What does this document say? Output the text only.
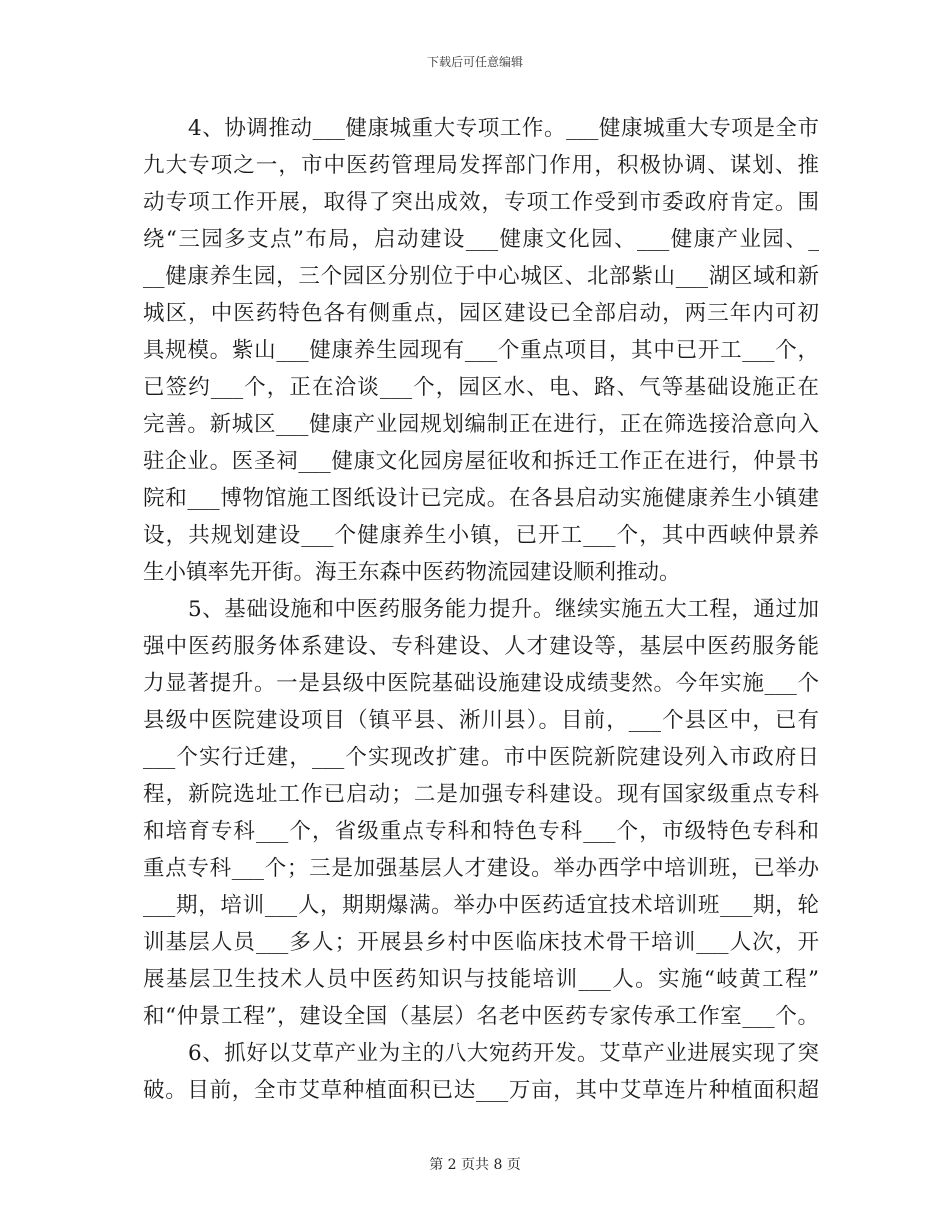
下载后可任意编辑
4、协调推动___健康城重大专项工作。___健康城重大专项是全市
九大专项之一，市中医药管理局发挥部门作用，积极协调、谋划、推
动专项工作开展，取得了突出成效，专项工作受到市委政府肯定。围
绕“三园多支点”布局，启动建设___健康文化园、___健康产业园、_
__健康养生园，三个园区分别位于中心城区、北部紫山___湖区域和新
城区，中医药特色各有侧重点，园区建设已全部启动，两三年内可初
具规模。紫山___健康养生园现有___个重点项目，其中已开工___个，
已签约___个，正在洽谈___个，园区水、电、路、气等基础设施正在
完善。新城区___健康产业园规划编制正在进行，正在筛选接洽意向入
驻企业。医圣祠___健康文化园房屋征收和拆迁工作正在进行，仲景书
院和___博物馆施工图纸设计已完成。在各县启动实施健康养生小镇建
设，共规划建设___个健康养生小镇，已开工___个，其中西峡仲景养
生小镇率先开街。海王东森中医药物流园建设顺利推动。
5、基础设施和中医药服务能力提升。继续实施五大工程，通过加
强中医药服务体系建设、专科建设、人才建设等，基层中医药服务能
力显著提升。一是县级中医院基础设施建设成绩斐然。今年实施___个
县级中医院建设项目（镇平县、淅川县）。目前，___个县区中，已有
___个实行迁建，___个实现改扩建。市中医院新院建设列入市政府日
程，新院选址工作已启动；二是加强专科建设。现有国家级重点专科
和培育专科___个，省级重点专科和特色专科___个，市级特色专科和
重点专科___个；三是加强基层人才建设。举办西学中培训班，已举办
___期，培训___人，期期爆满。举办中医药适宜技术培训班___期，轮
训基层人员___多人；开展县乡村中医临床技术骨干培训___人次，开
展基层卫生技术人员中医药知识与技能培训___人。实施“岐黄工程”
和“仲景工程”，建设全国（基层）名老中医药专家传承工作室___个。
6、抓好以艾草产业为主的八大宛药开发。艾草产业进展实现了突
破。目前，全市艾草种植面积已达___万亩，其中艾草连片种植面积超
第 2 页共 8 页
